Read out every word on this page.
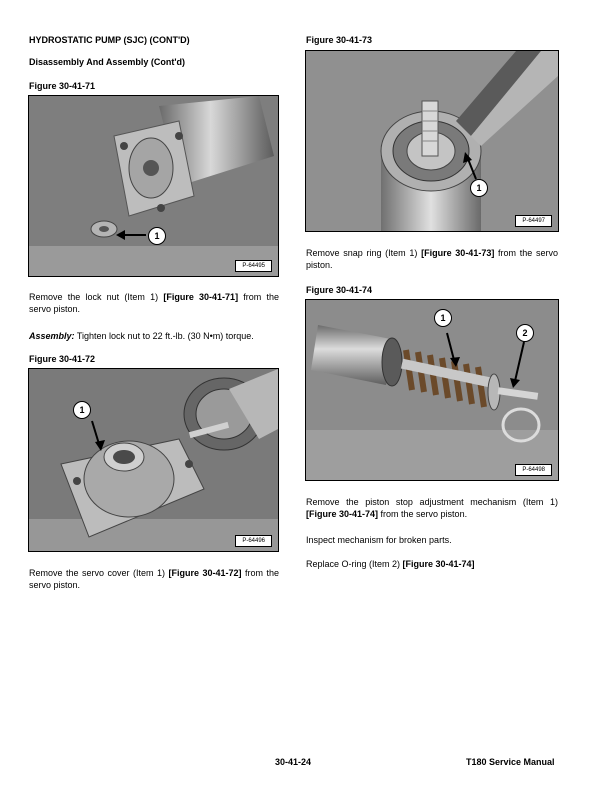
HYDROSTATIC PUMP (SJC) (CONT'D)
Disassembly And Assembly (Cont'd)
Figure 30-41-71
1
P-64495
Remove the lock nut (Item 1) [Figure 30-41-71] from the servo piston.
Assembly: Tighten lock nut to 22 ft.-lb. (30 N•m) torque.
Figure 30-41-72
1
P-64496
Remove the servo cover (Item 1) [Figure 30-41-72] from the servo piston.
Figure 30-41-73
1
P-64497
Remove snap ring (Item 1) [Figure 30-41-73] from the servo piston.
Figure 30-41-74
1
2
P-64498
Remove the piston stop adjustment mechanism (Item 1) [Figure 30-41-74] from the servo piston.
Inspect mechanism for broken parts.
Replace O-ring (Item 2) [Figure 30-41-74]
30-41-24	T180 Service Manual
